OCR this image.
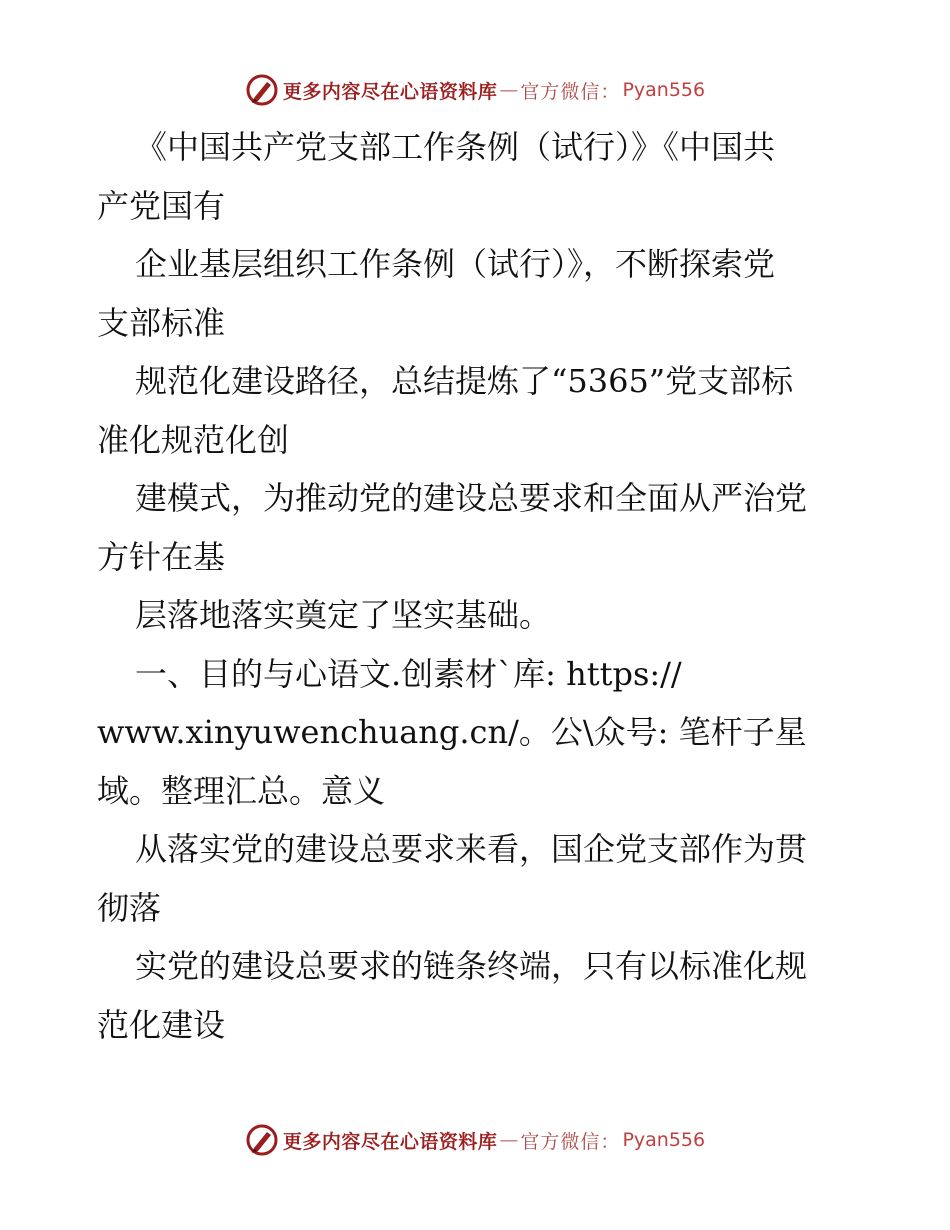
更多内容尽在心语资料库 — 官方微信： Pyan556
《中国共产党支部工作条例（试行）》《中国共
产党国有
企业基层组织工作条例（试行）》，不断探索党
支部标准
规范化建设路径，总结提炼了“5365”党支部标
准化规范化创
建模式，为推动党的建设总要求和全面从严治党
方针在基
层落地落实奠定了坚实基础。
一、目的与心语文.创素材`库: https://
www.xinyuwenchuang.cn/。公\众号: 笔杆子星
域。整理汇总。意义
从落实党的建设总要求来看，国企党支部作为贯
彻落
实党的建设总要求的链条终端，只有以标准化规
范化建设
更多内容尽在心语资料库 — 官方微信： Pyan556
